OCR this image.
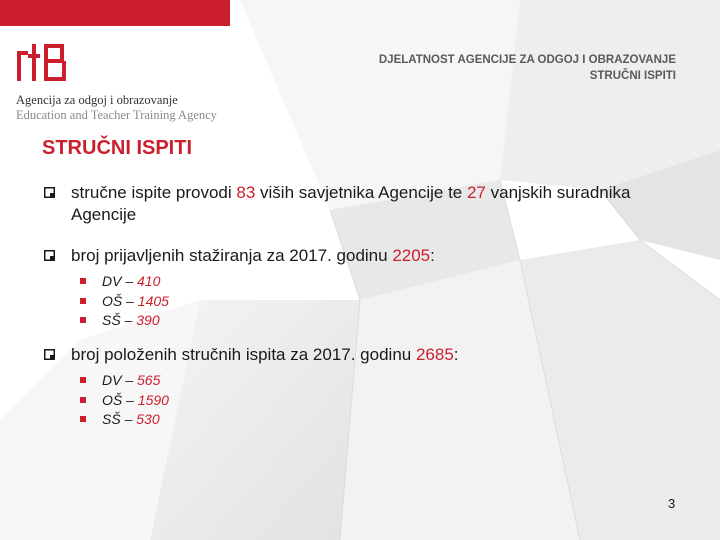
Agencija za odgoj i obrazovanje
Education and Teacher Training Agency
DJELATNOST AGENCIJE ZA ODGOJ I OBRAZOVANJE
STRUČNI ISPITI
STRUČNI ISPITI
stručne ispite provodi 83 viših savjetnika Agencije te 27 vanjskih suradnika Agencije
broj prijavljenih stažiranja za 2017. godinu 2205:
DV – 410
OŠ – 1405
SŠ – 390
broj položenih stručnih ispita za 2017. godinu 2685:
DV – 565
OŠ – 1590
SŠ – 530
3
